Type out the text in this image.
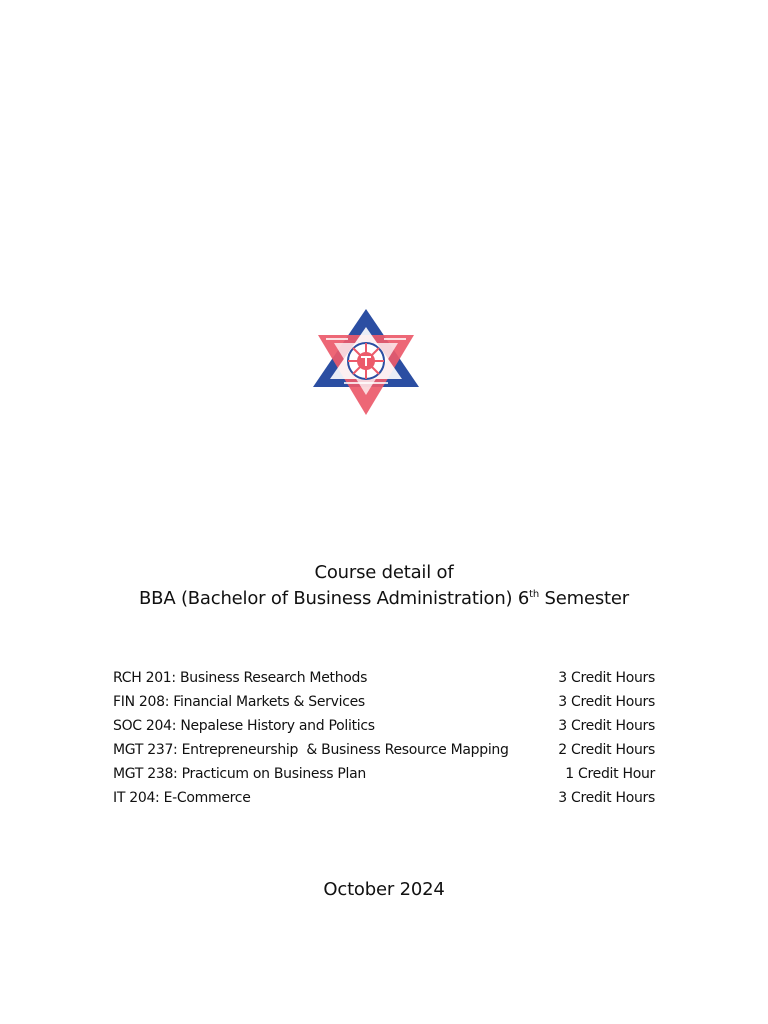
Course detail of
BBA (Bachelor of Business Administration) 6th Semester
RCH 201: Business Research Methods	3 Credit Hours
FIN 208: Financial Markets & Services	3 Credit Hours
SOC 204: Nepalese History and Politics	3 Credit Hours
MGT 237: Entrepreneurship  & Business Resource Mapping	2 Credit Hours
MGT 238: Practicum on Business Plan	1 Credit Hour
IT 204: E-Commerce	3 Credit Hours
October 2024
